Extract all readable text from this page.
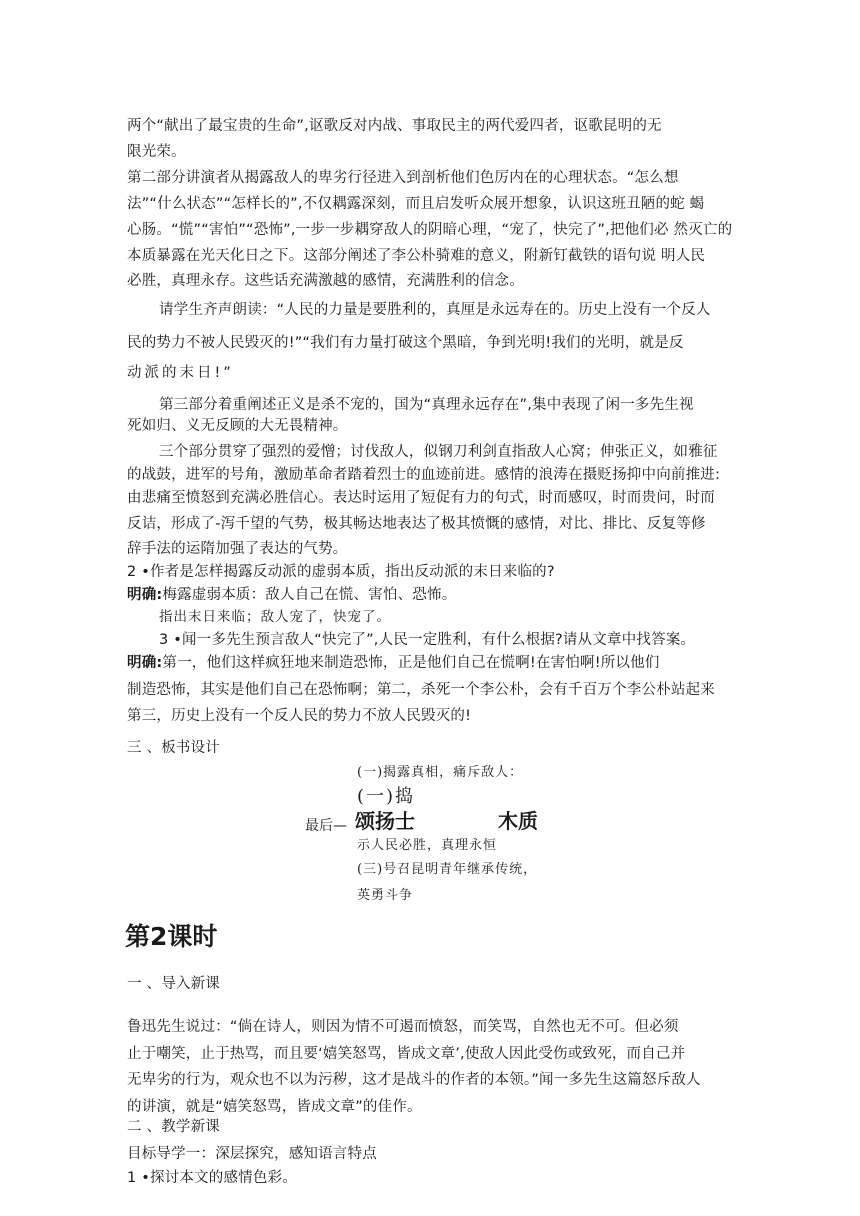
两个“献出了最宝贵的生命”,讴歌反对内战、事取民主的两代爱四者，讴歌昆明的无
限光荣。
第二部分讲演者从揭露敌人的卑劣行径进入到剖析他们色厉内在的心理状态。“怎么想
法”“什么状态”“怎样长的”,不仅耦露深刻，而且启发听众展开想象，认识这班丑陋的蛇 蝎
心肠。“慌”“害怕”“恐怖”,一步一步耦穿敌人的阴暗心理，“宠了，快完了”,把他们必 然灭亡的
本质暴露在光天化日之下。这部分阐述了李公朴骑难的意义，附新钉截铁的语句说 明人民
必胜，真理永存。这些话充满激越的感情，充满胜利的信念。
请学生齐声朗读：“人民的力量是要胜利的，真厘是永远寿在的。历史上没有一个反人
民的势力不被人民毁灭的!”“我们有力量打破这个黑暗，争到光明!我们的光明，就是反
动派的末日!”
第三部分着重阐述正义是杀不宠的，国为“真理永远存在”,集中表现了闲一多先生视
死如归、义无反顾的大无畏精神。
三个部分贯穿了强烈的爱憎；讨伐敌人，似钢刀利剑直指敌人心窝；伸张正义，如雅征
的战鼓，进军的号角，激励革命者踏着烈士的血迹前进。感情的浪涛在摄贬扬抑中向前推进:
由悲痛至愤怒到充满必胜信心。表达时运用了短促有力的句式，时而感叹，时而贵问，时而
反诘，形成了-泻千望的气势，极其畅达地表达了极其愤慨的感情，对比、排比、反复等修
辞手法的运隋加强了表达的气势。
2 •作者是怎样揭露反动派的虚弱本质，指出反动派的末日来临的?
明确:梅露虚弱本质：敌人自己在慌、害怕、恐怖。
指出末日来临；敌人宠了，快宠了。
3 •闻一多先生预言敌人“快完了”,人民一定胜利，有什么根据?请从文章中找答案。
明确:第一，他们这样疯狂地来制造恐怖，正是他们自己在慌啊!在害怕啊!所以他们
制造恐怖，其实是他们自己在恐怖啊；第二，杀死一个李公朴，会有千百万个李公朴站起来
第三，历史上没有一个反人民的势力不放人民毁灭的!
三 、板书设计
(一)揭露真相，痛斥敌人：
(一)捣
最后— 颂扬士	木质
示人民必胜，真理永恒
(三)号召昆明青年继承传统，
英勇斗争
第2课时
一 、导入新课
鲁迅先生说过：“倘在诗人，则因为情不可遏而愤怒，而笑骂，自然也无不可。但必须
止于嘲笑，止于热骂，而且要‘嬉笑怒骂，皆成文章’,使敌人因此受伤或致死，而自己并
无卑劣的行为，观众也不以为污秽，这才是战斗的作者的本领。”闻一多先生这篇怒斥敌人
的讲演，就是“嬉笑怒骂，皆成文章”的佳作。
二 、教学新课
目标导学一：深层探究，感知语言特点
1 •探讨本文的感情色彩。
